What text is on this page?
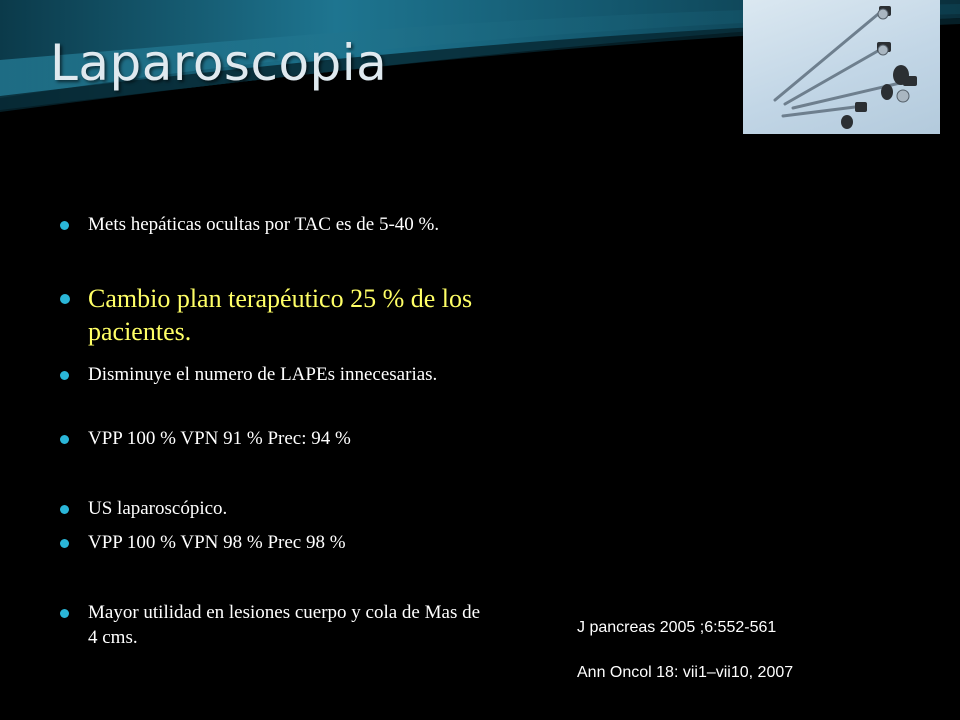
Laparoscopia
Mets hepáticas ocultas por TAC es de 5-40 %.
Cambio plan terapéutico 25 % de los pacientes.
Disminuye el numero de LAPEs innecesarias.
VPP 100 % VPN 91 % Prec: 94 %
US laparoscópico.
VPP 100 % VPN 98 % Prec 98 %
Mayor utilidad en lesiones cuerpo y cola de Mas de 4 cms.	J pancreas 2005 ;6:552-561
Ann Oncol 18: vii1–vii10, 2007
